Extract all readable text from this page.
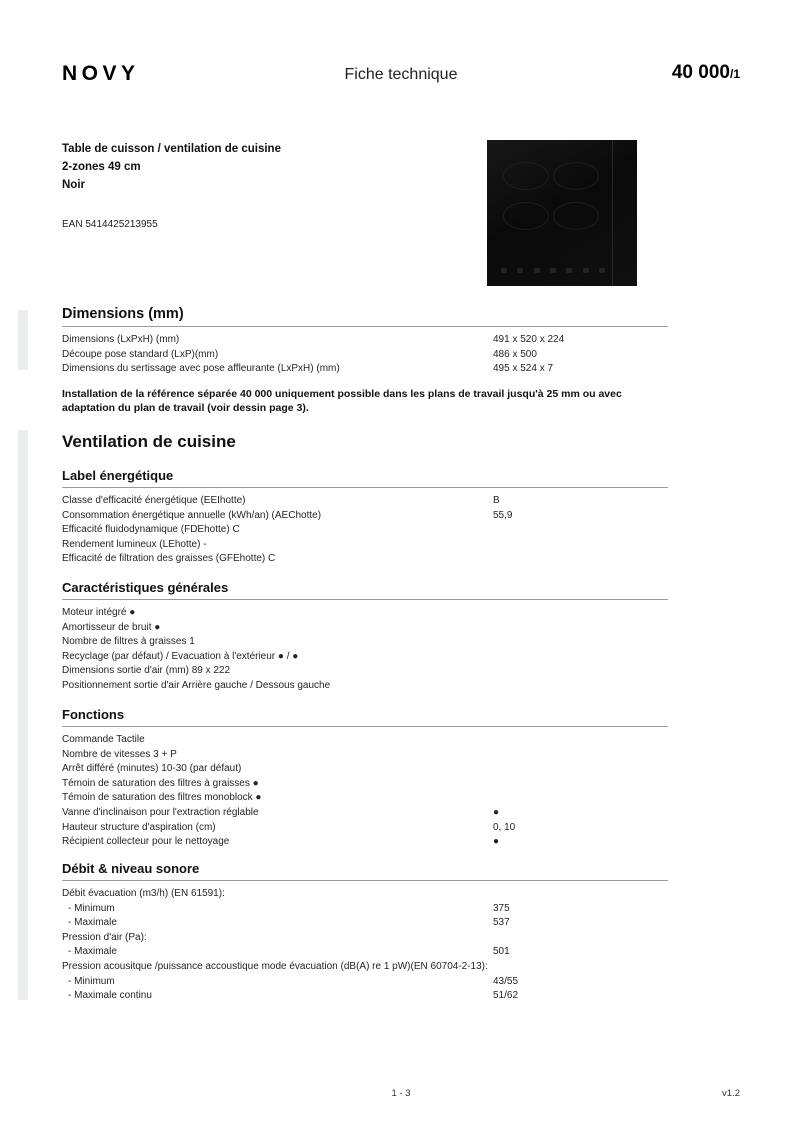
NOVY	Fiche technique	40 000/1
Table de cuisson / ventilation de cuisine
2-zones 49 cm
Noir
EAN 5414425213955
Dimensions (mm)
Dimensions (LxPxH) (mm)	491 x 520 x 224
Découpe pose standard (LxP)(mm)	486 x 500
Dimensions du sertissage avec pose affleurante (LxPxH) (mm)	495 x 524 x 7
Installation de la référence séparée 40 000 uniquement possible dans les plans de travail jusqu'à 25 mm ou avec adaptation du plan de travail (voir dessin page 3).
Ventilation de cuisine
Label énergétique
Classe d'efficacité énergétique (EEIhotte)	B
Consommation énergétique annuelle (kWh/an) (AEChotte)	55,9
Efficacité fluidodynamique (FDEhotte) C
Rendement lumineux (LEhotte) -
Efficacité de filtration des graisses (GFEhotte) C
Caractéristiques générales
Moteur intégré ●
Amortisseur de bruit ●
Nombre de filtres à graisses 1
Recyclage (par défaut) / Evacuation à l'extérieur ● / ●
Dimensions sortie d'air (mm) 89 x 222
Positionnement sortie d'air Arrière gauche / Dessous gauche
Fonctions
Commande Tactile
Nombre de vitesses 3 + P
Arrêt différé (minutes) 10-30 (par défaut)
Témoin de saturation des filtres à graisses ●
Témoin de saturation des filtres monoblock ●
Vanne d'inclinaison pour l'extraction réglable	●
Hauteur structure d'aspiration (cm)	0, 10
Récipient collecteur pour le nettoyage	●
Débit & niveau sonore
Débit évacuation (m3/h) (EN 61591):
- Minimum	375
- Maximale	537
Pression d'air (Pa):
- Maximale	501
Pression acousitque /puissance accoustique mode évacuation (dB(A) re 1 pW)(EN 60704-2-13):
- Minimum	43/55
- Maximale continu	51/62
1 - 3	v1.2
